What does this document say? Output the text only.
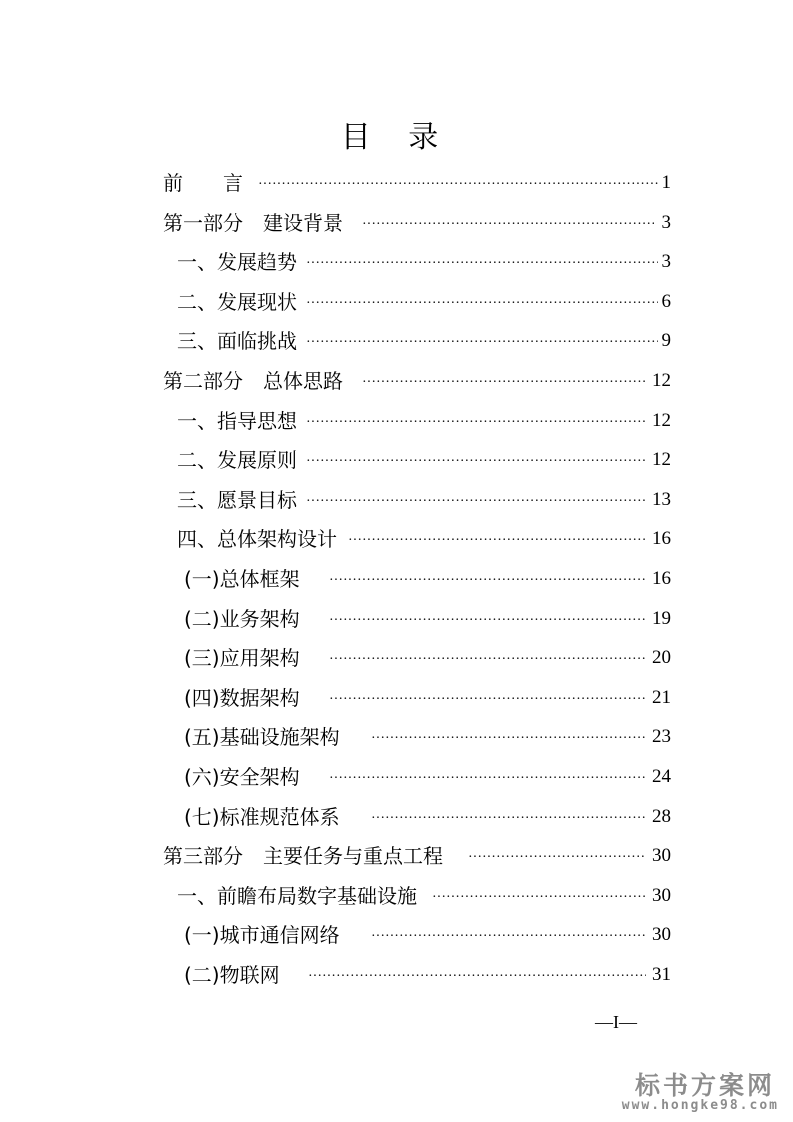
目 录
前　　言 ·····	1
第一部分　建设背景 ·····	3
一、发展趋势 ·····	3
二、发展现状 ·····	6
三、面临挑战 ·····	9
第二部分　总体思路 ·····	12
一、指导思想 ·····	12
二、发展原则 ·····	12
三、愿景目标 ·····	13
四、总体架构设计 ·····	16
(一)总体框架 ·····	16
(二)业务架构 ·····	19
(三)应用架构 ·····	20
(四)数据架构 ·····	21
(五)基础设施架构 ·····	23
(六)安全架构 ·····	24
(七)标准规范体系 ·····	28
第三部分　主要任务与重点工程 ·····	30
一、前瞻布局数字基础设施 ·····	30
(一)城市通信网络 ·····	30
(二)物联网 ·····	31
—I—
标书方案网
www.hongke98.com
